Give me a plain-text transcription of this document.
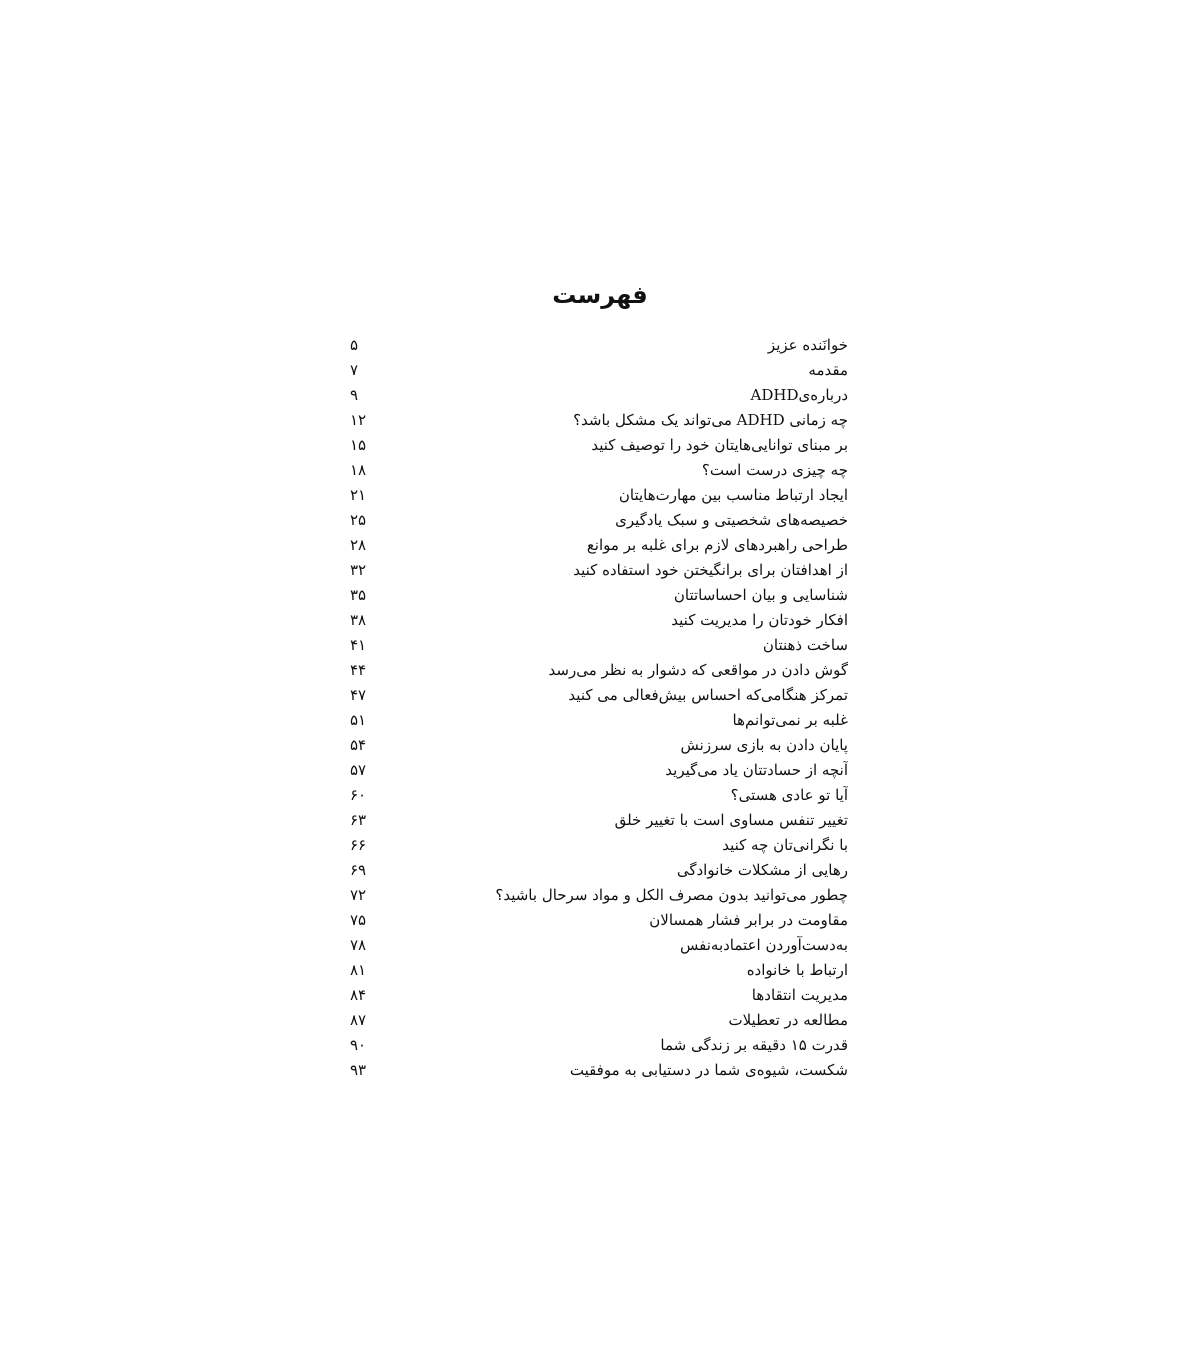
فهرست
۵	خوانَنده عزیز
۷	مقدمه
۹	دربارەیADHD
۱۲	چه زمانی ADHD می‌تواند یک مشکل باشد؟
۱۵	بر مبنای توانایی‌هایتان خود را توصیف کنید
۱۸	چه چیزی درست است؟
۲۱	ایجاد ارتباط مناسب بین مهارت‌هایتان
۲۵	خصیصه‌های شخصیتی و سبک یادگیری
۲۸	طراحی راهبردهای لازم برای غلبه بر موانع
۳۲	از اهدافتان برای برانگیختن خود استفاده کنید
۳۵	شناسایی و بیان احساساتتان
۳۸	افکار خودتان را مدیریت کنید
۴۱	ساخت ذهنتان
۴۴	گوش دادن در مواقعی که دشوار به نظر می‌رسد
۴۷	تمرکز هنگامی‌که احساس بیش‌فعالی می کنید
۵۱	غلبه بر نمی‌توانم‌ها
۵۴	پایان دادن به بازی سرزنش
۵۷	آنچه از حسادتتان یاد می‌گیرید
۶۰	آیا تو عادی هستی؟
۶۳	تغییر تنفس مساوی است با تغییر خلق
۶۶	با نگرانی‌تان چه کنید
۶۹	رهایی از مشکلات خانوادگی
۷۲	چطور می‌توانید بدون مصرف الکل و مواد سرحال باشید؟
۷۵	مقاومت در برابر فشار همسالان
۷۸	به‌دست‌آوردن اعتمادبه‌نفس
۸۱	ارتباط با خانواده
۸۴	مدیریت انتقادها
۸۷	مطالعه در تعطیلات
۹۰	قدرت ۱۵ دقیقه بر زندگی شما
۹۳	شکست، شیوه‌ی شما در دستیابی به موفقیت
